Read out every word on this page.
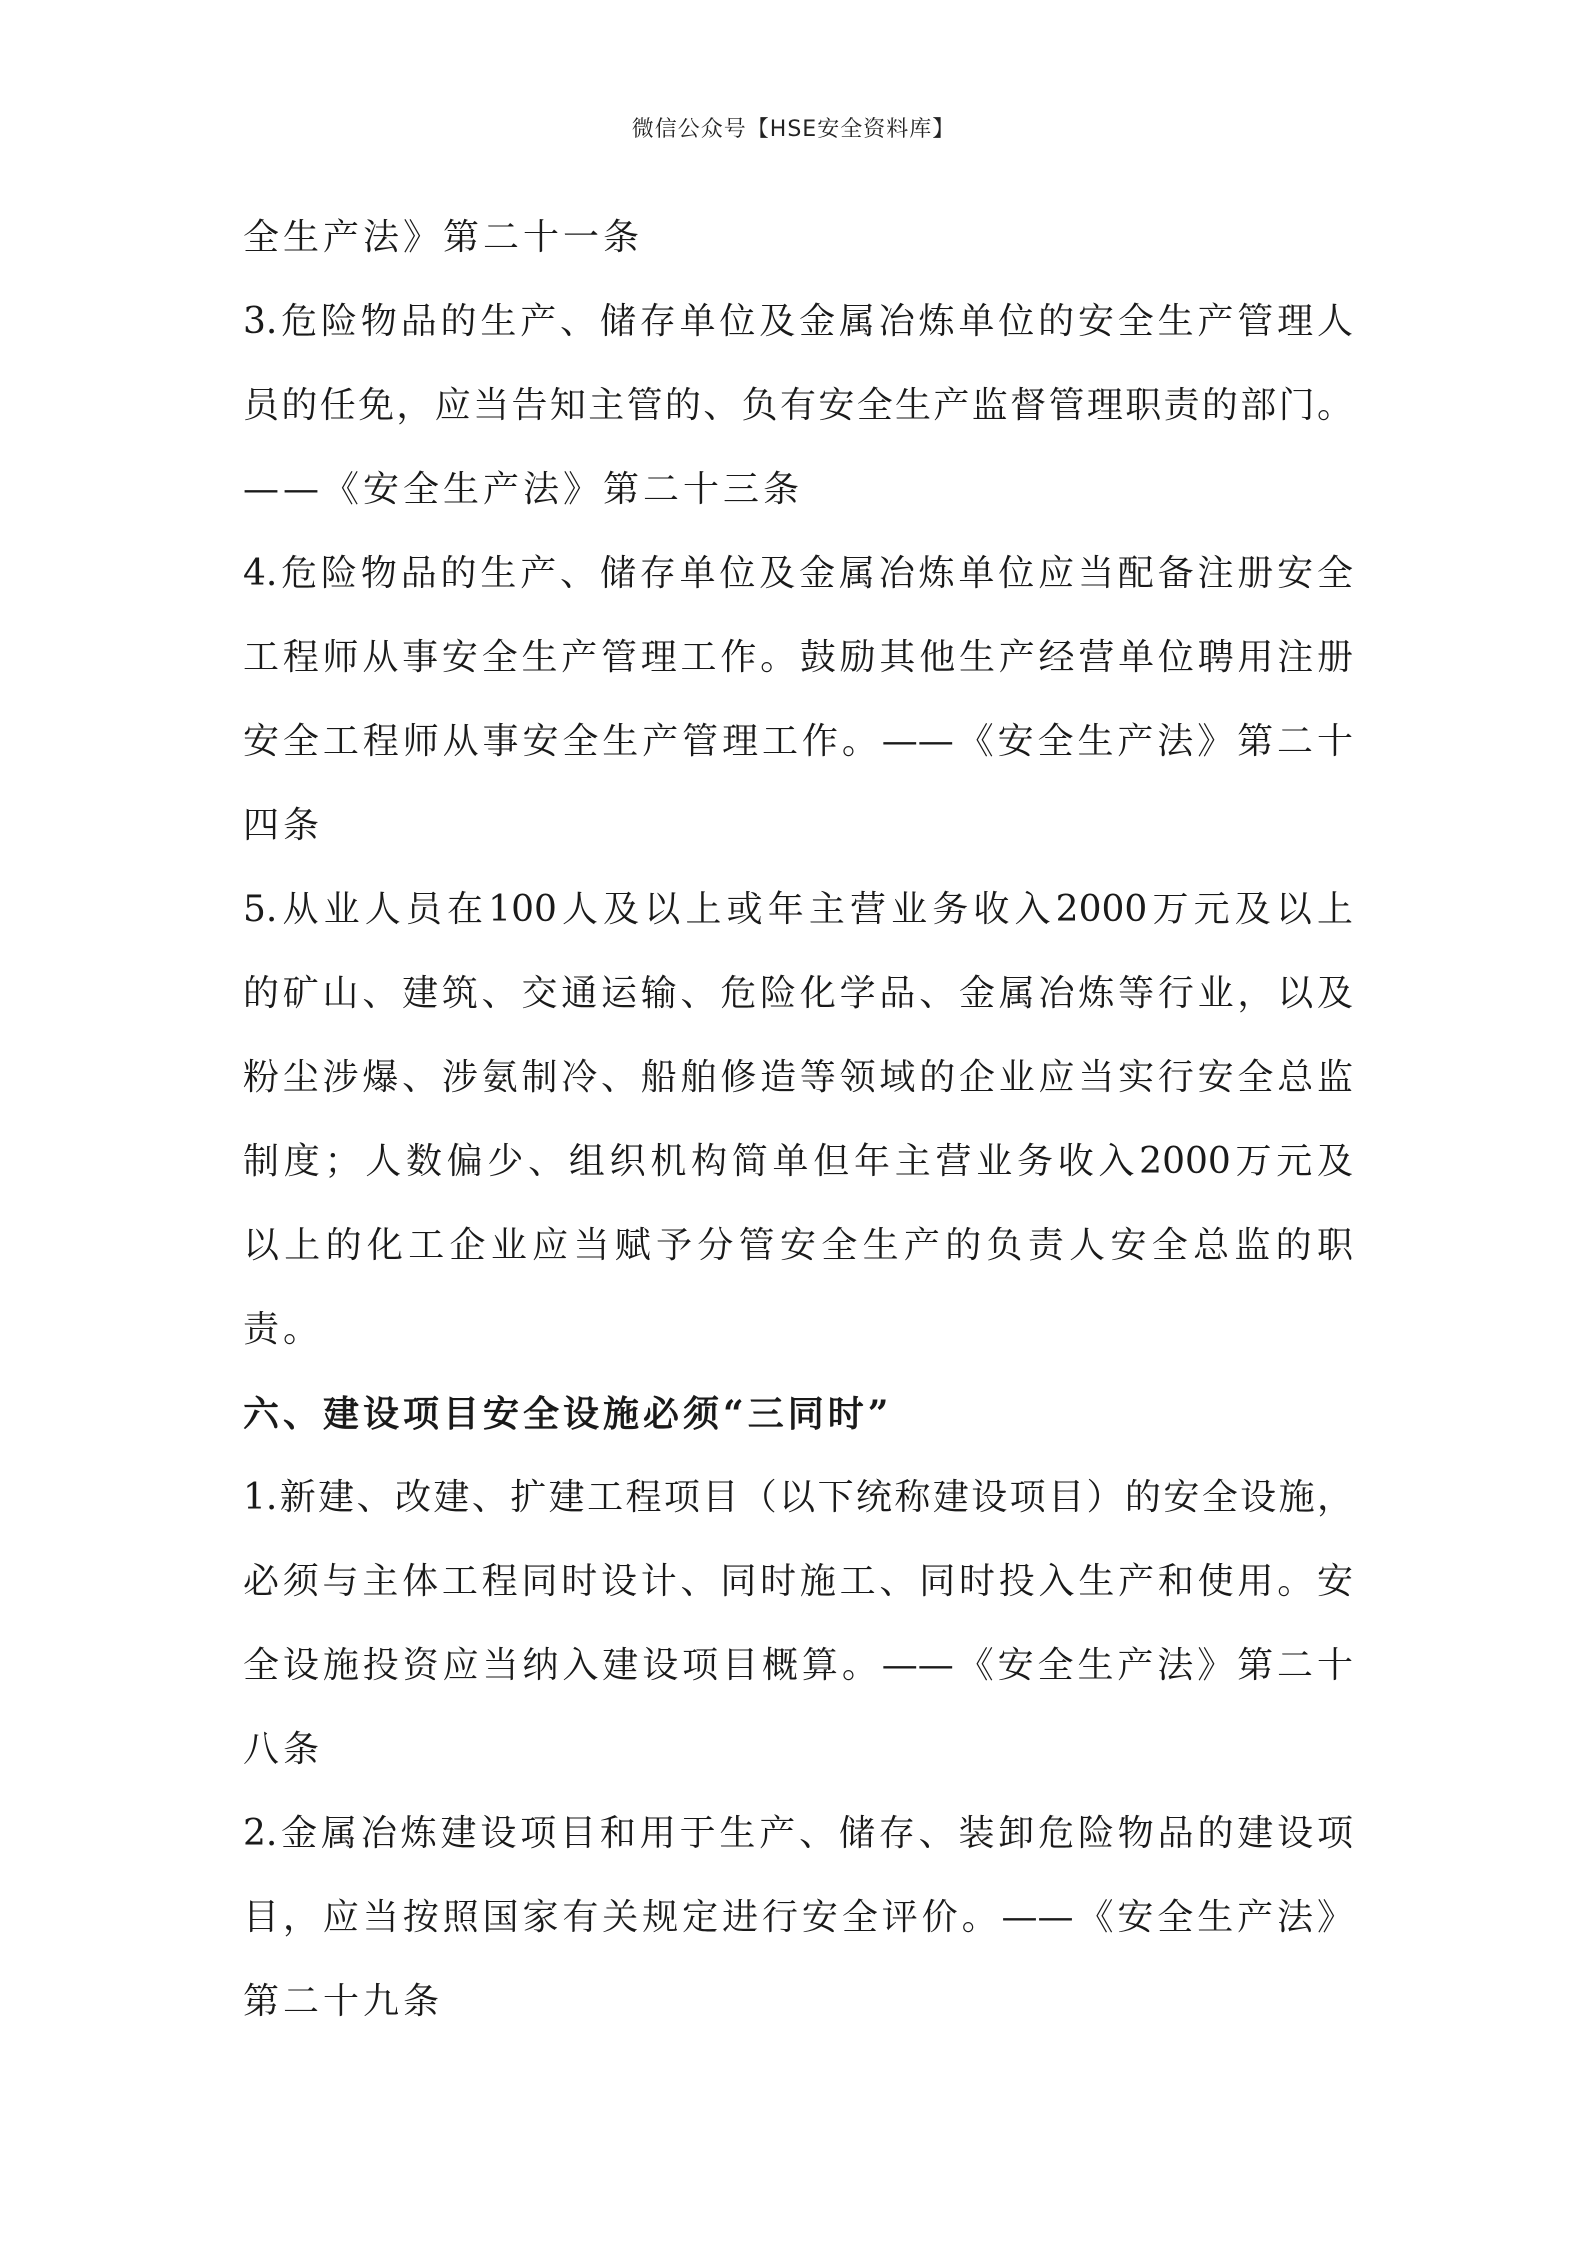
微信公众号【HSE安全资料库】
全生产法》第二十一条
3.危险物品的生产、储存单位及金属冶炼单位的安全生产管理人
员的任免，应当告知主管的、负有安全生产监督管理职责的部门。
——《安全生产法》第二十三条
4.危险物品的生产、储存单位及金属冶炼单位应当配备注册安全
工程师从事安全生产管理工作。鼓励其他生产经营单位聘用注册
安全工程师从事安全生产管理工作。——《安全生产法》第二十
四条
5.从业人员在100人及以上或年主营业务收入2000万元及以上
的矿山、建筑、交通运输、危险化学品、金属冶炼等行业，以及
粉尘涉爆、涉氨制冷、船舶修造等领域的企业应当实行安全总监
制度；人数偏少、组织机构简单但年主营业务收入2000万元及
以上的化工企业应当赋予分管安全生产的负责人安全总监的职
责。
六、建设项目安全设施必须“三同时”
1.新建、改建、扩建工程项目（以下统称建设项目）的安全设施，
必须与主体工程同时设计、同时施工、同时投入生产和使用。安
全设施投资应当纳入建设项目概算。——《安全生产法》第二十
八条
2.金属冶炼建设项目和用于生产、储存、装卸危险物品的建设项
目，应当按照国家有关规定进行安全评价。——《安全生产法》
第二十九条
